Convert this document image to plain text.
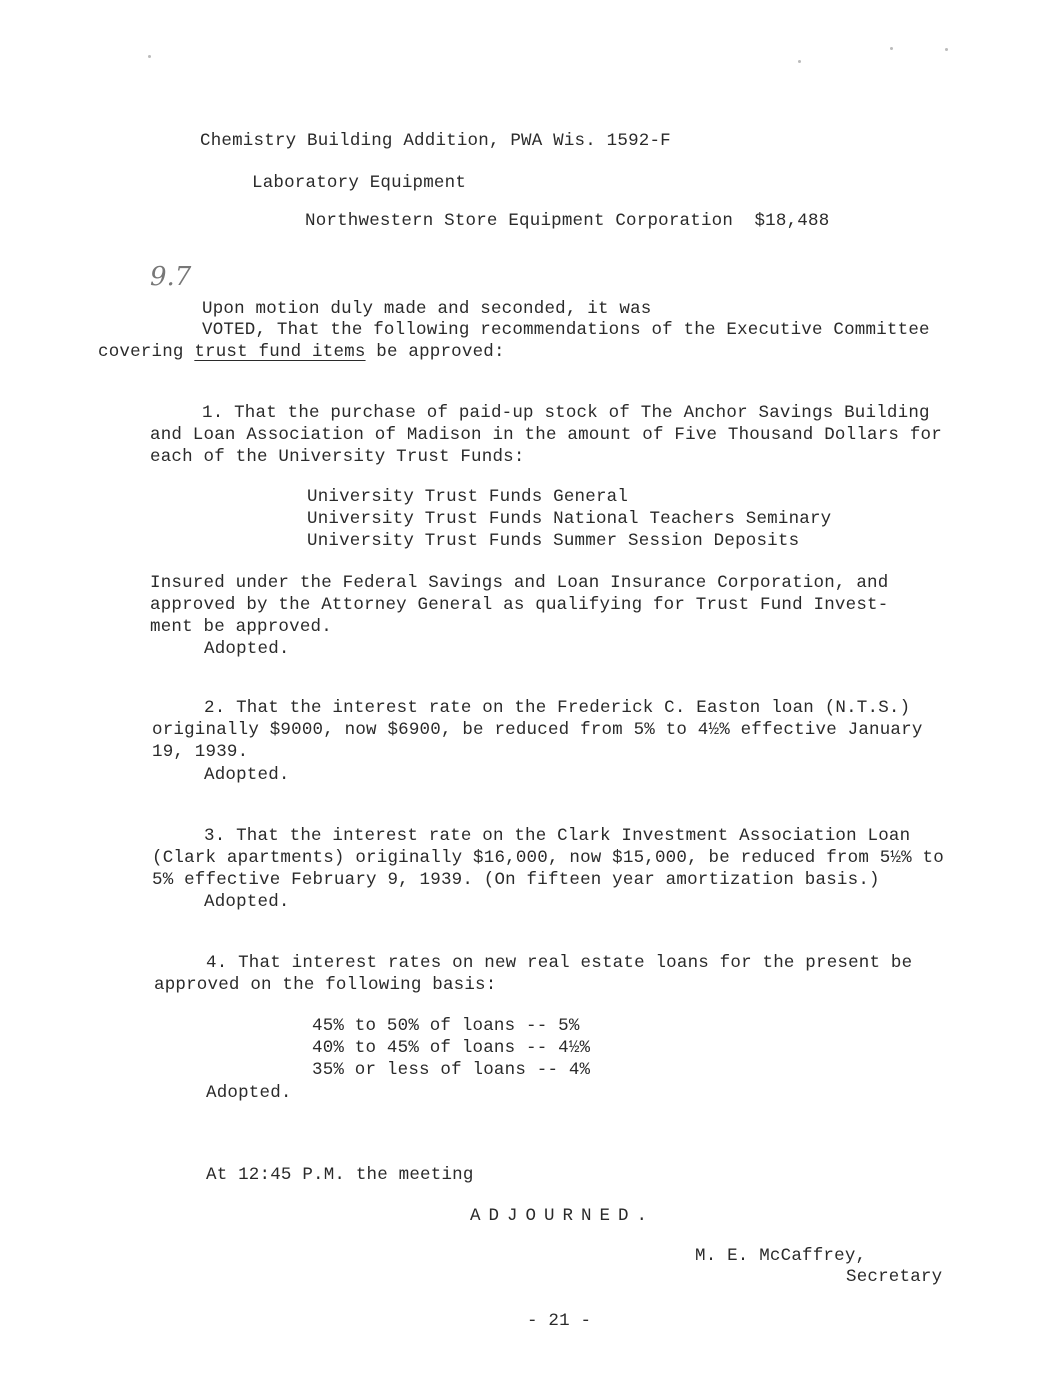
Chemistry Building Addition, PWA Wis. 1592-F
Laboratory Equipment
Northwestern Store Equipment Corporation $18,488
9.7
Upon motion duly made and seconded, it was
VOTED, That the following recommendations of the Executive Committee
covering trust fund items be approved:
1. That the purchase of paid-up stock of The Anchor Savings Building
and Loan Association of Madison in the amount of Five Thousand Dollars for
each of the University Trust Funds:
University Trust Funds General
University Trust Funds National Teachers Seminary
University Trust Funds Summer Session Deposits
Insured under the Federal Savings and Loan Insurance Corporation, and
approved by the Attorney General as qualifying for Trust Fund Invest-
ment be approved.
Adopted.
2. That the interest rate on the Frederick C. Easton loan (N.T.S.)
originally $9000, now $6900, be reduced from 5% to 4½% effective January
19, 1939.
Adopted.
3. That the interest rate on the Clark Investment Association Loan
(Clark apartments) originally $16,000, now $15,000, be reduced from 5½% to
5% effective February 9, 1939. (On fifteen year amortization basis.)
Adopted.
4. That interest rates on new real estate loans for the present be
approved on the following basis:
45% to 50% of loans -- 5%
40% to 45% of loans -- 4½%
35% or less of loans -- 4%
Adopted.
At 12:45 P.M. the meeting
ADJOURNED.
M. E. McCaffrey,
Secretary
- 21 -
